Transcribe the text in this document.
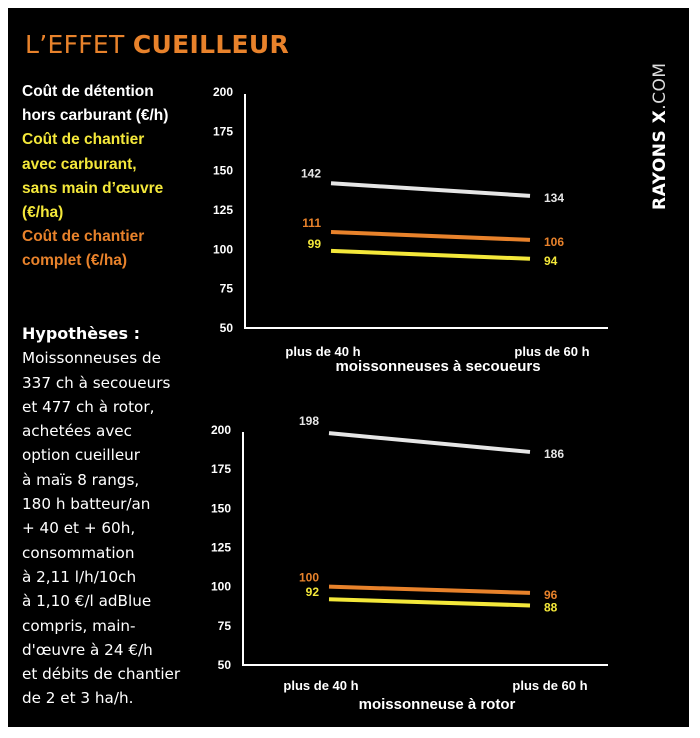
L’EFFET CUEILLEUR
RAYONS X.COM
Coût de détention
hors carburant (€/h)
Coût de chantier
avec carburant,
sans main d’œuvre
(€/ha)
Coût de chantier
complet (€/ha)
Hypothèses :
Moissonneuses de
337 ch à secoueurs
et 477 ch à rotor,
achetées avec
option cueilleur
à maïs 8 rangs,
180 h batteur/an
+ 40 et + 60h,
consommation
à 2,11 l/h/10ch
à 1,10 €/l adBlue
compris, main-
d'œuvre à 24 €/h
et débits de chantier
de 2 et 3 ha/h.
200
175
150
125
100
75
50
plus de 40 h	plus de 60 h
moissonneuses à secoueurs
142
134
111
106
99
94
200
175
150
125
100
75
50
plus de 40 h	plus de 60 h
moissonneuse à rotor
198
186
100
96
92
88
